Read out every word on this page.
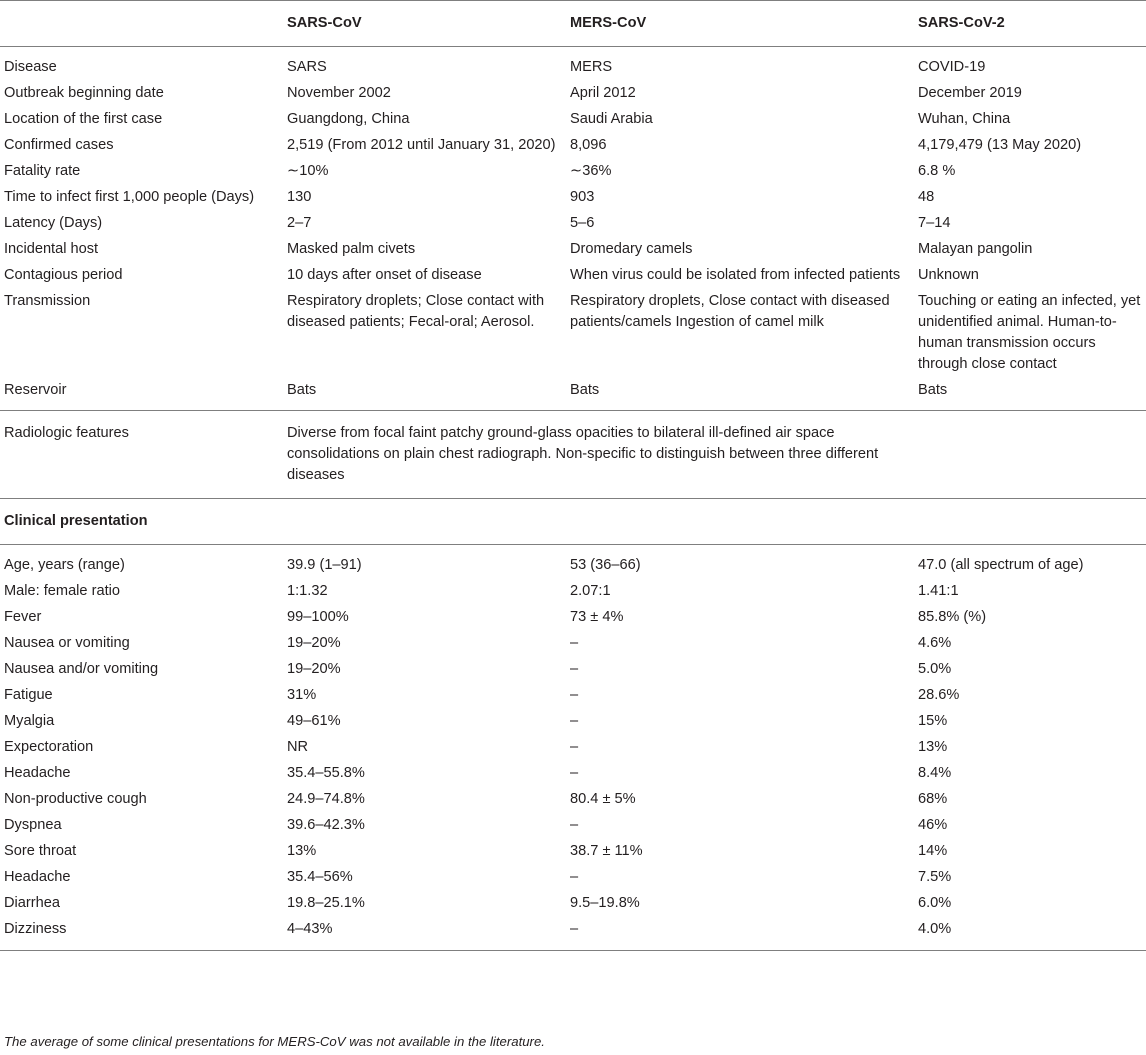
	SARS-CoV	MERS-CoV	SARS-CoV-2
Disease	SARS	MERS	COVID-19
Outbreak beginning date	November 2002	April 2012	December 2019
Location of the first case	Guangdong, China	Saudi Arabia	Wuhan, China
Confirmed cases	2,519 (From 2012 until January 31, 2020)	8,096	4,179,479 (13 May 2020)
Fatality rate	∼10%	∼36%	6.8 %
Time to infect first 1,000 people (Days)	130	903	48
Latency (Days)	2–7	5–6	7–14
Incidental host	Masked palm civets	Dromedary camels	Malayan pangolin
Contagious period	10 days after onset of disease	When virus could be isolated from infected patients	Unknown
Transmission	Respiratory droplets; Close contact with diseased patients; Fecal-oral; Aerosol.	Respiratory droplets, Close contact with diseased patients/camels Ingestion of camel milk	Touching or eating an infected, yet unidentified animal. Human-to-human transmission occurs through close contact
Reservoir	Bats	Bats	Bats
Radiologic features	Diverse from focal faint patchy ground-glass opacities to bilateral ill-defined air space consolidations on plain chest radiograph. Non-specific to distinguish between three different diseases		
Clinical presentation			
Age, years (range)	39.9 (1–91)	53 (36–66)	47.0 (all spectrum of age)
Male: female ratio	1:1.32	2.07:1	1.41:1
Fever	99–100%	73 ± 4%	85.8% (%)
Nausea or vomiting	19–20%	–	4.6%
Nausea and/or vomiting	19–20%	–	5.0%
Fatigue	31%	–	28.6%
Myalgia	49–61%	–	15%
Expectoration	NR	–	13%
Headache	35.4–55.8%	–	8.4%
Non-productive cough	24.9–74.8%	80.4 ± 5%	68%
Dyspnea	39.6–42.3%	–	46%
Sore throat	13%	38.7 ± 11%	14%
Headache	35.4–56%	–	7.5%
Diarrhea	19.8–25.1%	9.5–19.8%	6.0%
Dizziness	4–43%	–	4.0%
The average of some clinical presentations for MERS-CoV was not available in the literature.
